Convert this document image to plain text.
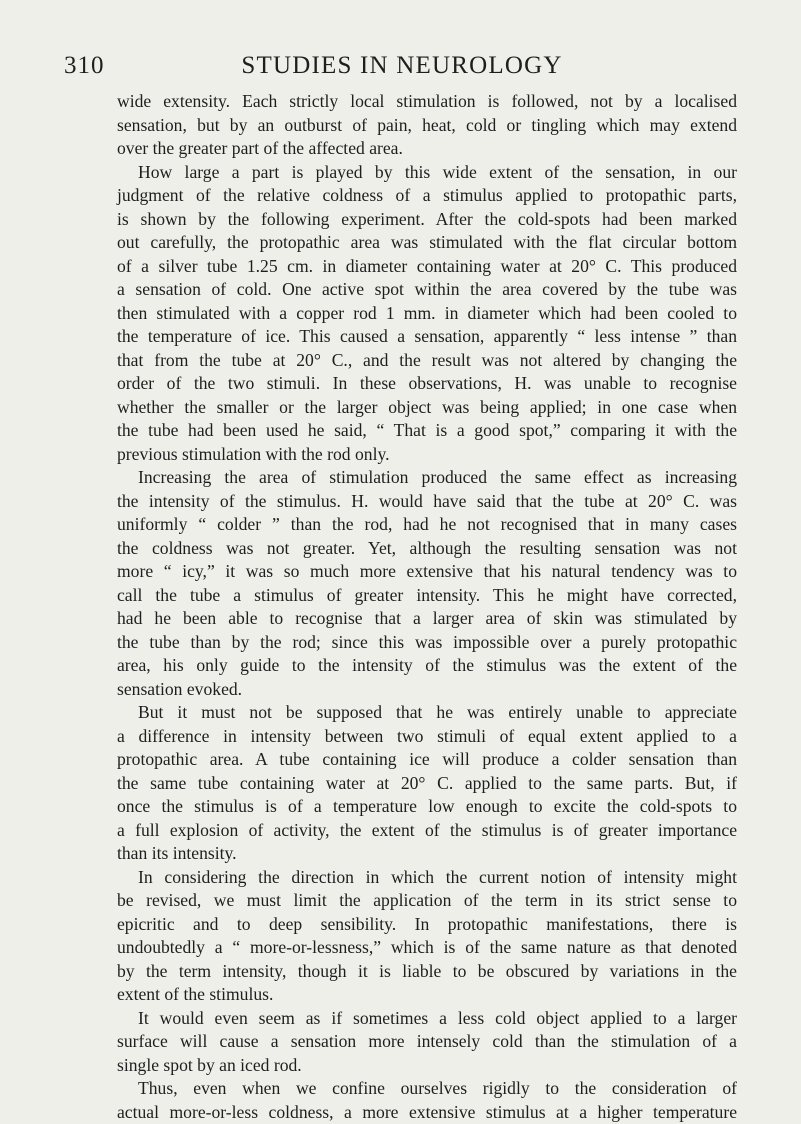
310	STUDIES IN NEUROLOGY
wide extensity. Each strictly local stimulation is followed, not by a localised
sensation, but by an outburst of pain, heat, cold or tingling which may extend
over the greater part of the affected area.
How large a part is played by this wide extent of the sensation, in our
judgment of the relative coldness of a stimulus applied to protopathic parts,
is shown by the following experiment. After the cold-spots had been marked
out carefully, the protopathic area was stimulated with the flat circular bottom
of a silver tube 1.25 cm. in diameter containing water at 20° C. This produced
a sensation of cold. One active spot within the area covered by the tube was
then stimulated with a copper rod 1 mm. in diameter which had been cooled to
the temperature of ice. This caused a sensation, apparently “ less intense ” than
that from the tube at 20° C., and the result was not altered by changing the
order of the two stimuli. In these observations, H. was unable to recognise
whether the smaller or the larger object was being applied; in one case when
the tube had been used he said, “ That is a good spot,” comparing it with the
previous stimulation with the rod only.
Increasing the area of stimulation produced the same effect as increasing
the intensity of the stimulus. H. would have said that the tube at 20° C. was
uniformly “ colder ” than the rod, had he not recognised that in many cases
the coldness was not greater. Yet, although the resulting sensation was not
more “ icy,” it was so much more extensive that his natural tendency was to
call the tube a stimulus of greater intensity. This he might have corrected,
had he been able to recognise that a larger area of skin was stimulated by
the tube than by the rod; since this was impossible over a purely protopathic
area, his only guide to the intensity of the stimulus was the extent of the
sensation evoked.
But it must not be supposed that he was entirely unable to appreciate
a difference in intensity between two stimuli of equal extent applied to a
protopathic area. A tube containing ice will produce a colder sensation than
the same tube containing water at 20° C. applied to the same parts. But, if
once the stimulus is of a temperature low enough to excite the cold-spots to
a full explosion of activity, the extent of the stimulus is of greater importance
than its intensity.
In considering the direction in which the current notion of intensity might
be revised, we must limit the application of the term in its strict sense to
epicritic and to deep sensibility. In protopathic manifestations, there is
undoubtedly a “ more-or-lessness,” which is of the same nature as that denoted
by the term intensity, though it is liable to be obscured by variations in the
extent of the stimulus.
It would even seem as if sometimes a less cold object applied to a larger
surface will cause a sensation more intensely cold than the stimulation of a
single spot by an iced rod.
Thus, even when we confine ourselves rigidly to the consideration of
actual more-or-less coldness, a more extensive stimulus at a higher temperature
